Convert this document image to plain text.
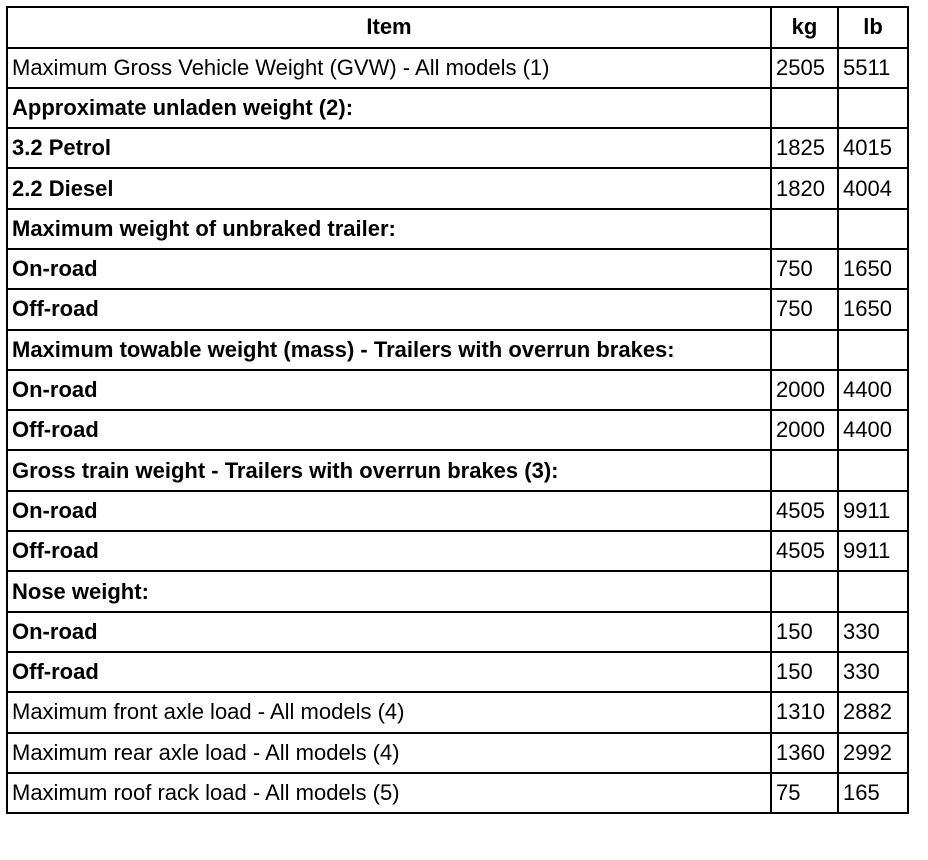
Item	kg	lb
Maximum Gross Vehicle Weight (GVW) - All models (1)	2505	5511
Approximate unladen weight (2):		
3.2 Petrol	1825	4015
2.2 Diesel	1820	4004
Maximum weight of unbraked trailer:		
On-road	750	1650
Off-road	750	1650
Maximum towable weight (mass) - Trailers with overrun brakes:		
On-road	2000	4400
Off-road	2000	4400
Gross train weight - Trailers with overrun brakes (3):		
On-road	4505	9911
Off-road	4505	9911
Nose weight:		
On-road	150	330
Off-road	150	330
Maximum front axle load - All models (4)	1310	2882
Maximum rear axle load - All models (4)	1360	2992
Maximum roof rack load - All models (5)	75	165
